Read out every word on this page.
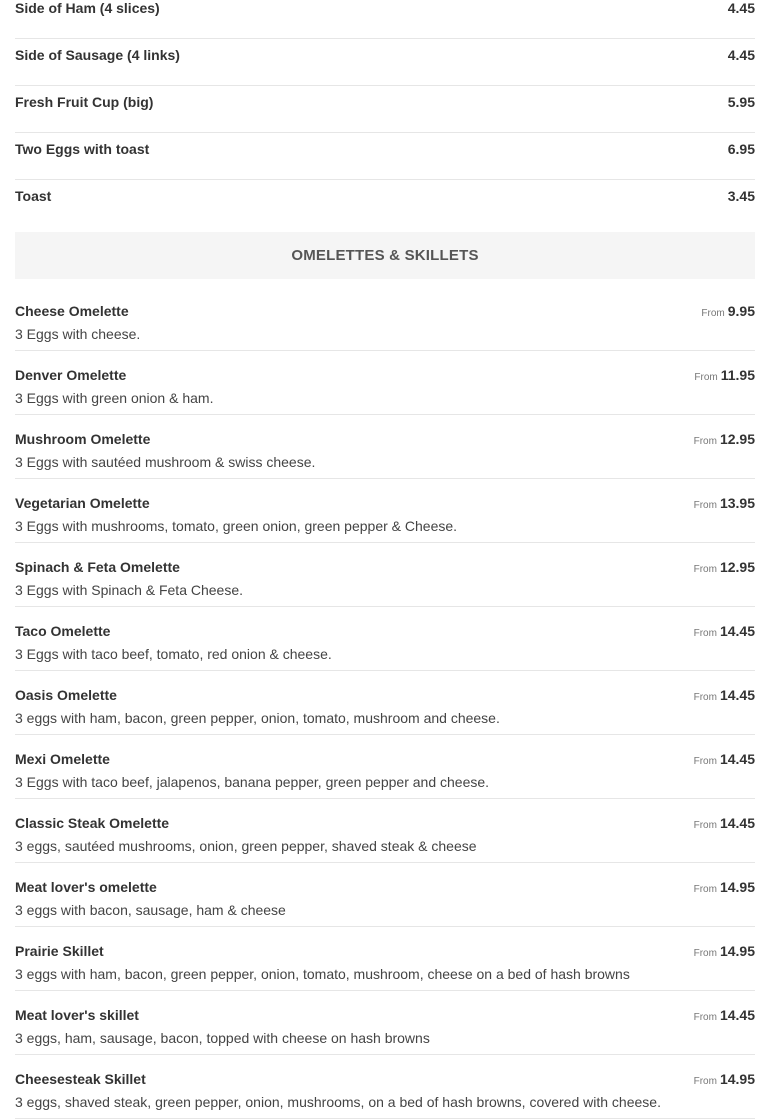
Side of Ham (4 slices)	4.45
Side of Sausage (4 links)	4.45
Fresh Fruit Cup (big)	5.95
Two Eggs with toast	6.95
Toast	3.45
OMELETTES & SKILLETS
Cheese Omelette
3 Eggs with cheese.
From 9.95
Denver Omelette
3 Eggs with green onion & ham.
From 11.95
Mushroom Omelette
3 Eggs with sautéed mushroom & swiss cheese.
From 12.95
Vegetarian Omelette
3 Eggs with mushrooms, tomato, green onion, green pepper & Cheese.
From 13.95
Spinach & Feta Omelette
3 Eggs with Spinach & Feta Cheese.
From 12.95
Taco Omelette
3 Eggs with taco beef, tomato, red onion & cheese.
From 14.45
Oasis Omelette
3 eggs with ham, bacon, green pepper, onion, tomato, mushroom and cheese.
From 14.45
Mexi Omelette
3 Eggs with taco beef, jalapenos, banana pepper, green pepper and cheese.
From 14.45
Classic Steak Omelette
3 eggs, sautéed mushrooms, onion, green pepper, shaved steak & cheese
From 14.45
Meat lover's omelette
3 eggs with bacon, sausage, ham & cheese
From 14.95
Prairie Skillet
3 eggs with ham, bacon, green pepper, onion, tomato, mushroom, cheese on a bed of hash browns
From 14.95
Meat lover's skillet
3 eggs, ham, sausage, bacon, topped with cheese on hash browns
From 14.45
Cheesesteak Skillet
3 eggs, shaved steak, green pepper, onion, mushrooms, on a bed of hash browns, covered with cheese.
From 14.95
